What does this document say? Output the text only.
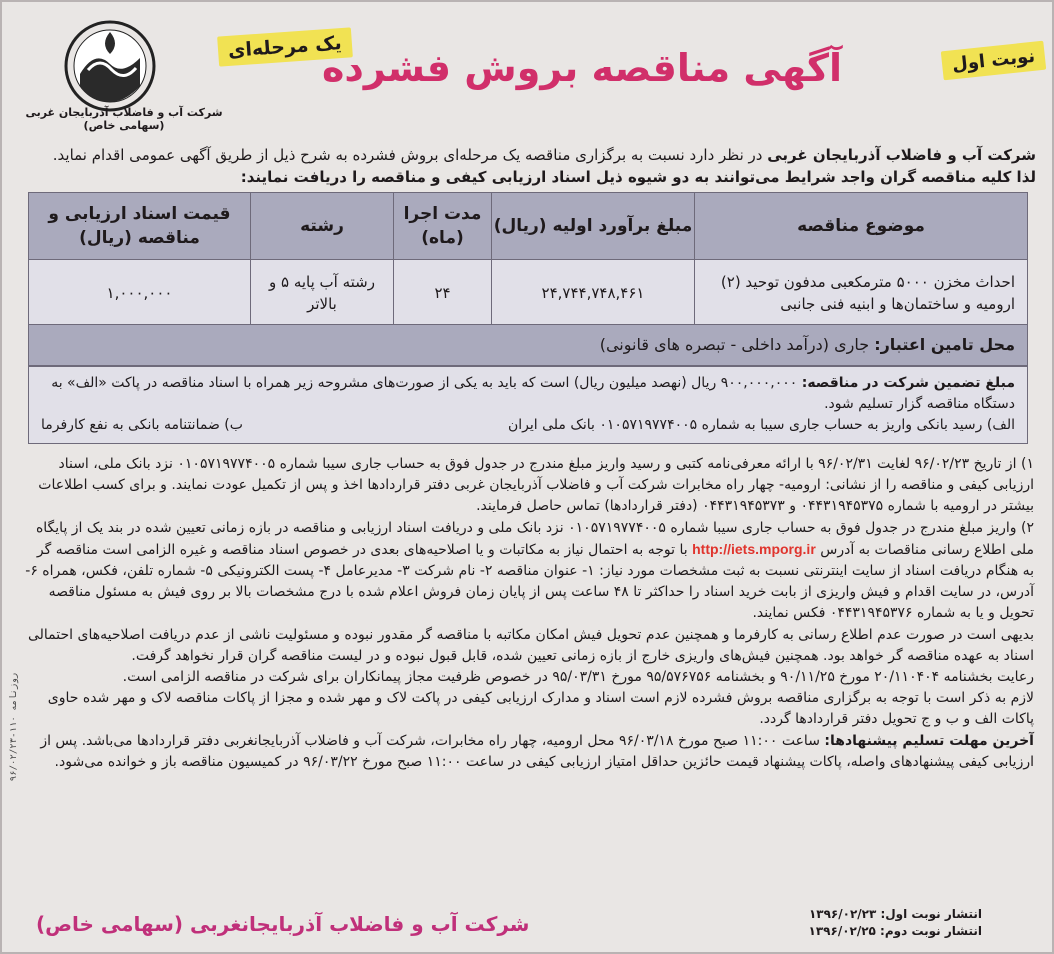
شرکت آب و فاضلاب آذربایجان غربی (سهامی خاص)
یک مرحله‌ای	نوبت اول
آگهی مناقصه بروش فشرده
شرکت آب و فاضلاب آذربایجان غربی در نظر دارد نسبت به برگزاری مناقصه یک مرحله‌ای بروش فشرده به شرح ذیل از طریق آگهی عمومی اقدام نماید.
لذا کلیه مناقصه گران واجد شرایط می‌توانند به دو شیوه ذیل اسناد ارزیابی کیفی و مناقصه را دریافت نمایند:
موضوع مناقصه	مبلغ برآورد اولیه (ریال)	مدت اجرا (ماه)	رشته	قیمت اسناد ارزیابی و مناقصه (ریال)
احداث مخزن ۵۰۰۰ مترمکعبی مدفون توحید (۲) ارومیه و ساختمان‌ها و ابنیه فنی جانبی	۲۴,۷۴۴,۷۴۸,۴۶۱	۲۴	رشته آب پایه ۵ و بالاتر	۱,۰۰۰,۰۰۰
محل تامین اعتبار: جاری (درآمد داخلی - تبصره های قانونی)
مبلغ تضمین شرکت در مناقصه: ۹۰۰,۰۰۰,۰۰۰ ریال (نهصد میلیون ریال) است که باید به یکی از صورت‌های مشروحه زیر همراه با اسناد مناقصه در پاکت «الف» به دستگاه مناقصه گزار تسلیم شود.
الف) رسید بانکی واریز به حساب جاری سیبا به شماره ۰۱۰۵۷۱۹۷۷۴۰۰۵ بانک ملی ایران
ب) ضمانتنامه بانکی به نفع کارفرما

۱) از تاریخ ۹۶/۰۲/۲۳ لغایت ۹۶/۰۲/۳۱ با ارائه معرفی‌نامه کتبی و رسید واریز مبلغ مندرج در جدول فوق به حساب جاری سیبا شماره ۰۱۰۵۷۱۹۷۷۴۰۰۵ نزد بانک ملی، اسناد ارزیابی کیفی و مناقصه را از نشانی: ارومیه- چهار راه مخابرات شرکت آب و فاضلاب آذربایجان غربی دفتر قراردادها اخذ و پس از تکمیل عودت نمایند. و برای کسب اطلاعات بیشتر در ارومیه با شماره ۰۴۴۳۱۹۴۵۳۷۵ و ۰۴۴۳۱۹۴۵۳۷۳ (دفتر قراردادها) تماس حاصل فرمایند.

۲) واریز مبلغ مندرج در جدول فوق به حساب جاری سیبا شماره ۰۱۰۵۷۱۹۷۷۴۰۰۵ نزد بانک ملی و دریافت اسناد ارزیابی و مناقصه در بازه زمانی تعیین شده در بند یک از پایگاه ملی اطلاع رسانی مناقصات به آدرس http://iets.mporg.ir با توجه به احتمال نیاز به مکاتبات و یا اصلاحیه‌های بعدی در خصوص اسناد مناقصه و غیره الزامی است مناقصه گر به هنگام دریافت اسناد از سایت اینترنتی نسبت به ثبت مشخصات مورد نیاز: ۱- عنوان مناقصه ۲- نام شرکت ۳- مدیرعامل ۴- پست الکترونیکی ۵- شماره تلفن، فکس، همراه ۶- آدرس، در سایت اقدام و فیش واریزی از بابت خرید اسناد را حداکثر تا ۴۸ ساعت پس از پایان زمان فروش اعلام شده با درج مشخصات بالا بر روی فیش به مسئول مناقصه تحویل و یا به شماره ۰۴۴۳۱۹۴۵۳۷۶ فکس نمایند.

بدیهی است در صورت عدم اطلاع رسانی به کارفرما و همچنین عدم تحویل فیش امکان مکاتبه با مناقصه گر مقدور نبوده و مسئولیت ناشی از عدم دریافت اصلاحیه‌های احتمالی اسناد به عهده مناقصه گر خواهد بود. همچنین فیش‌های واریزی خارج از بازه زمانی تعیین شده، قابل قبول نبوده و در لیست مناقصه گران قرار نخواهد گرفت.

رعایت بخشنامه ۲۰/۱۱۰۴۰۴ مورخ ۹۰/۱۱/۲۵ و بخشنامه ۹۵/۵۷۶۷۵۶ مورخ ۹۵/۰۳/۳۱ در خصوص ظرفیت مجاز پیمانکاران برای شرکت در مناقصه الزامی است.

لازم به ذکر است با توجه به برگزاری مناقصه بروش فشرده لازم است اسناد و مدارک ارزیابی کیفی در پاکت لاک و مهر شده و مجزا از پاکات مناقصه لاک و مهر شده حاوی پاکات الف و ب و ج تحویل دفتر قراردادها گردد.

آخرین مهلت تسلیم پیشنهادها: ساعت ۱۱:۰۰ صبح مورخ ۹۶/۰۳/۱۸ محل ارومیه، چهار راه مخابرات، شرکت آب و فاضلاب آذربایجانغربی دفتر قراردادها می‌باشد. پس از ارزیابی کیفی پیشنهادهای واصله، پاکات پیشنهاد قیمت حائزین حداقل امتیاز ارزیابی کیفی در ساعت ۱۱:۰۰ صبح مورخ ۹۶/۰۳/۲۲ در کمیسیون مناقصه باز و خوانده می‌شود.

شرکت آب و فاضلاب آذربایجانغربی (سهامی خاص)	انتشار نوبت اول: ۱۳۹۶/۰۲/۲۳
انتشار نوبت دوم: ۱۳۹۶/۰۲/۲۵
۹۶/۰۲/۲۳-۱۱۰ روزنامه
